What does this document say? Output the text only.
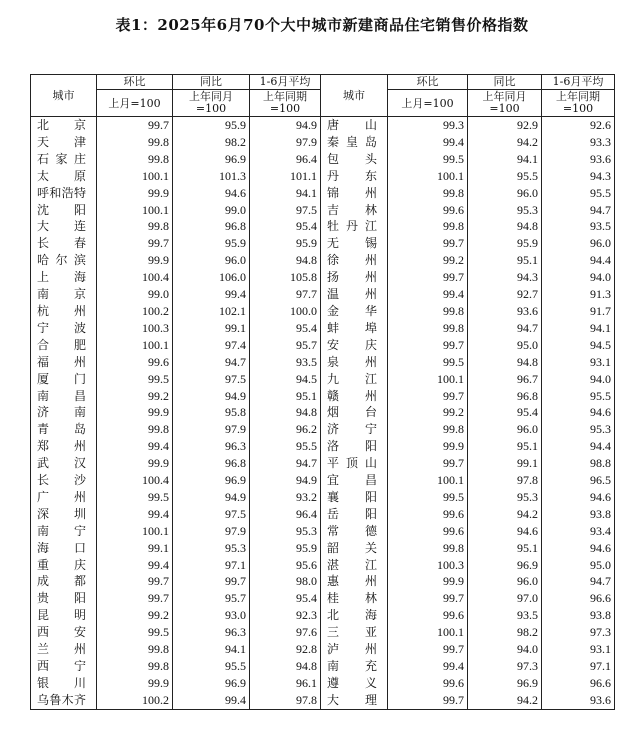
表1：2025年6月70个大中城市新建商品住宅销售价格指数
城市	环比	同比	1-6月平均	城市	环比	同比	1-6月平均
	上月=100	上年同月=100	上年同期=100		上月=100	上年同月=100	上年同期=100
北京	99.7	95.9	94.9	唐山	99.3	92.9	92.6
天津	99.8	98.2	97.9	秦皇岛	99.4	94.2	93.3
石家庄	99.8	96.9	96.4	包头	99.5	94.1	93.6
太原	100.1	101.3	101.1	丹东	100.1	95.5	94.3
呼和浩特	99.9	94.6	94.1	锦州	99.8	96.0	95.5
沈阳	100.1	99.0	97.5	吉林	99.6	95.3	94.7
大连	99.8	96.8	95.4	牡丹江	99.8	94.8	93.5
长春	99.7	95.9	95.9	无锡	99.7	95.9	96.0
哈尔滨	99.9	96.0	94.8	徐州	99.2	95.1	94.4
上海	100.4	106.0	105.8	扬州	99.7	94.3	94.0
南京	99.0	99.4	97.7	温州	99.4	92.7	91.3
杭州	100.2	102.1	100.0	金华	99.8	93.6	91.7
宁波	100.3	99.1	95.4	蚌埠	99.8	94.7	94.1
合肥	100.1	97.4	95.7	安庆	99.7	95.0	94.5
福州	99.6	94.7	93.5	泉州	99.5	94.8	93.1
厦门	99.5	97.5	94.5	九江	100.1	96.7	94.0
南昌	99.2	94.9	95.1	赣州	99.7	96.8	95.5
济南	99.9	95.8	94.8	烟台	99.2	95.4	94.6
青岛	99.8	97.9	96.2	济宁	99.8	96.0	95.3
郑州	99.4	96.3	95.5	洛阳	99.9	95.1	94.4
武汉	99.9	96.8	94.7	平顶山	99.7	99.1	98.8
长沙	100.4	96.9	94.9	宜昌	100.1	97.8	96.5
广州	99.5	94.9	93.2	襄阳	99.5	95.3	94.6
深圳	99.4	97.5	96.4	岳阳	99.6	94.2	93.8
南宁	100.1	97.9	95.3	常德	99.6	94.6	93.4
海口	99.1	95.3	95.9	韶关	99.8	95.1	94.6
重庆	99.4	97.1	95.6	湛江	100.3	96.9	95.0
成都	99.7	99.7	98.0	惠州	99.9	96.0	94.7
贵阳	99.7	95.7	95.4	桂林	99.7	97.0	96.6
昆明	99.2	93.0	92.3	北海	99.6	93.5	93.8
西安	99.5	96.3	97.6	三亚	100.1	98.2	97.3
兰州	99.8	94.1	92.8	泸州	99.7	94.0	93.1
西宁	99.8	95.5	94.8	南充	99.4	97.3	97.1
银川	99.9	96.9	96.1	遵义	99.6	96.9	96.6
乌鲁木齐	100.2	99.4	97.8	大理	99.7	94.2	93.6
